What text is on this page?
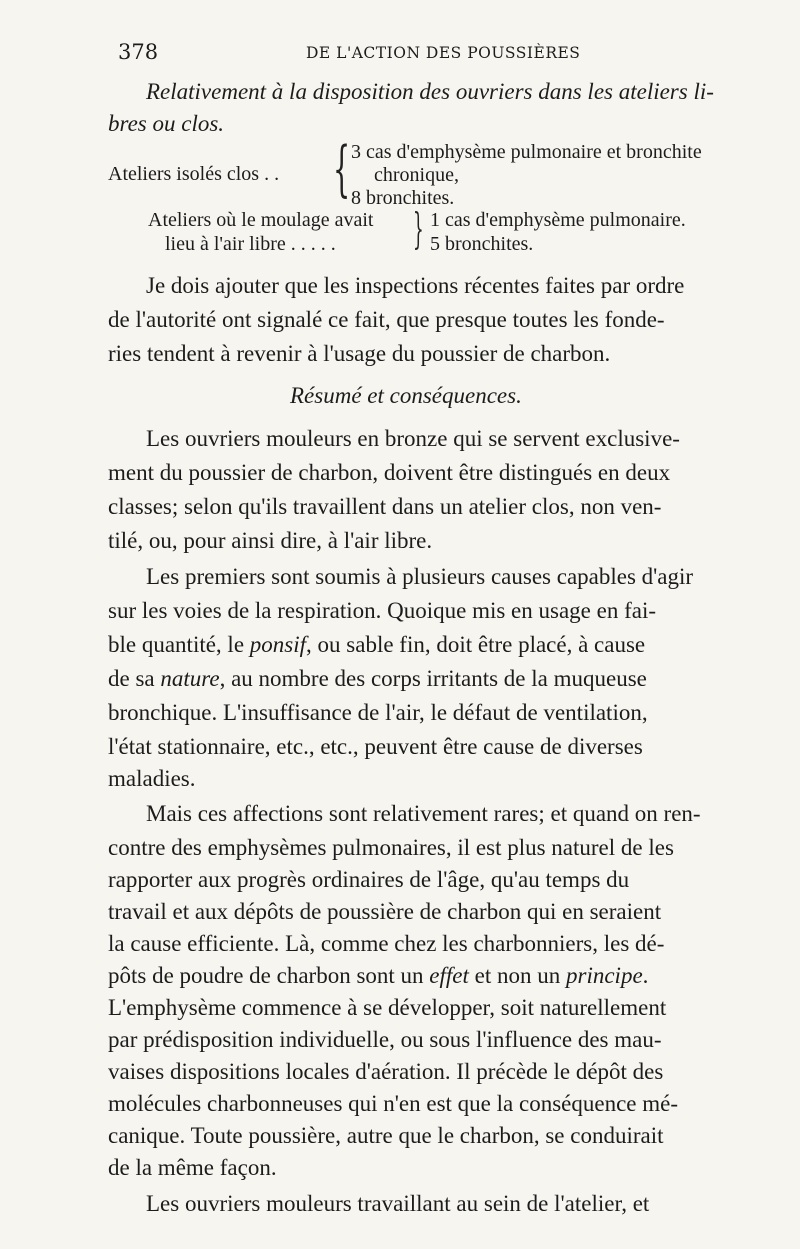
378	DE L'ACTION DES POUSSIÈRES
Relativement à la disposition des ouvriers dans les ateliers li-
bres ou clos.
Ateliers isolés clos . . { 3 cas d'emphysème pulmonaire et bronchite
chronique,
8 bronchites.
Ateliers où le moulage avait
lieu à l'air libre . . . . . } 1 cas d'emphysème pulmonaire.
5 bronchites.
Je dois ajouter que les inspections récentes faites par ordre
de l'autorité ont signalé ce fait, que presque toutes les fonde-
ries tendent à revenir à l'usage du poussier de charbon.
Résumé et conséquences.
Les ouvriers mouleurs en bronze qui se servent exclusive-
ment du poussier de charbon, doivent être distingués en deux
classes; selon qu'ils travaillent dans un atelier clos, non ven-
tilé, ou, pour ainsi dire, à l'air libre.
Les premiers sont soumis à plusieurs causes capables d'agir
sur les voies de la respiration. Quoique mis en usage en fai-
ble quantité, le ponsif, ou sable fin, doit être placé, à cause
de sa nature, au nombre des corps irritants de la muqueuse
bronchique. L'insuffisance de l'air, le défaut de ventilation,
l'état stationnaire, etc., etc., peuvent être cause de diverses
maladies.
Mais ces affections sont relativement rares; et quand on ren-
contre des emphysèmes pulmonaires, il est plus naturel de les
rapporter aux progrès ordinaires de l'âge, qu'au temps du
travail et aux dépôts de poussière de charbon qui en seraient
la cause efficiente. Là, comme chez les charbonniers, les dé-
pôts de poudre de charbon sont un effet et non un principe.
L'emphysème commence à se développer, soit naturellement
par prédisposition individuelle, ou sous l'influence des mau-
vaises dispositions locales d'aération. Il précède le dépôt des
molécules charbonneuses qui n'en est que la conséquence mé-
canique. Toute poussière, autre que le charbon, se conduirait
de la même façon.
Les ouvriers mouleurs travaillant au sein de l'atelier, et
